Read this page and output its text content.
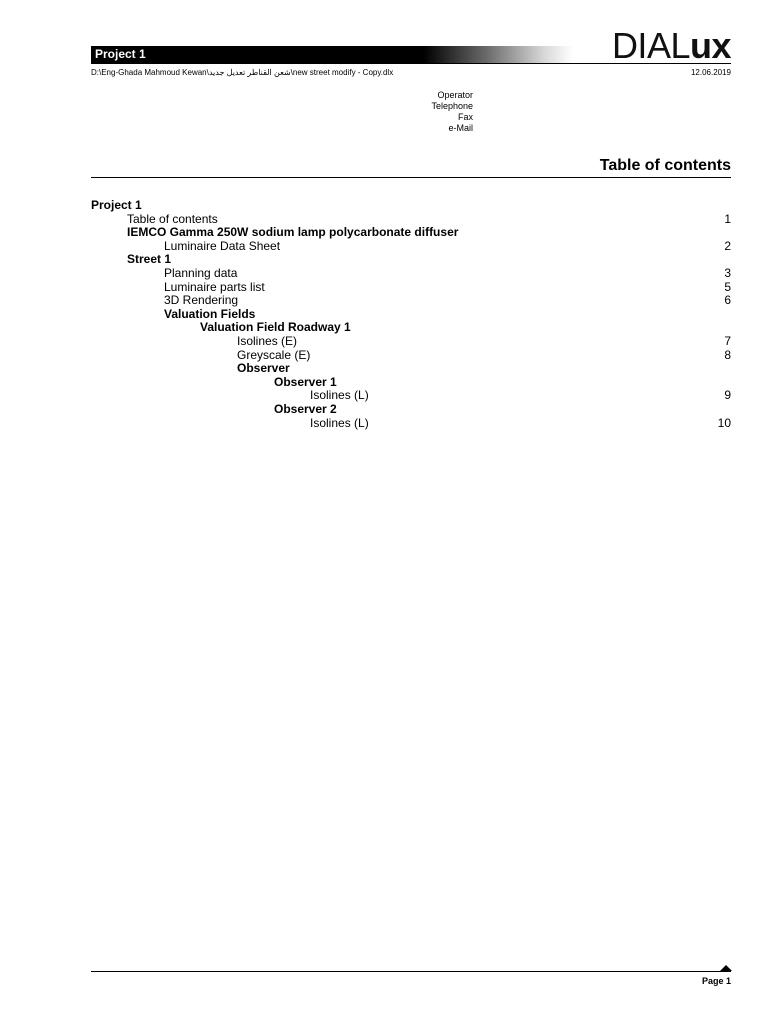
Project 1	DIALux
D:\Eng-Ghada Mahmoud Kewan\شعن القناطر تعديل جديد\new street modify - Copy.dlx	12.06.2019
Operator
Telephone
Fax
e-Mail
Table of contents
Project 1
Table of contents	1
IEMCO Gamma 250W sodium lamp polycarbonate diffuser
Luminaire Data Sheet	2
Street 1
Planning data	3
Luminaire parts list	5
3D Rendering	6
Valuation Fields
Valuation Field Roadway 1
Isolines (E)	7
Greyscale (E)	8
Observer
Observer 1
Isolines (L)	9
Observer 2
Isolines (L)	10
Page 1
